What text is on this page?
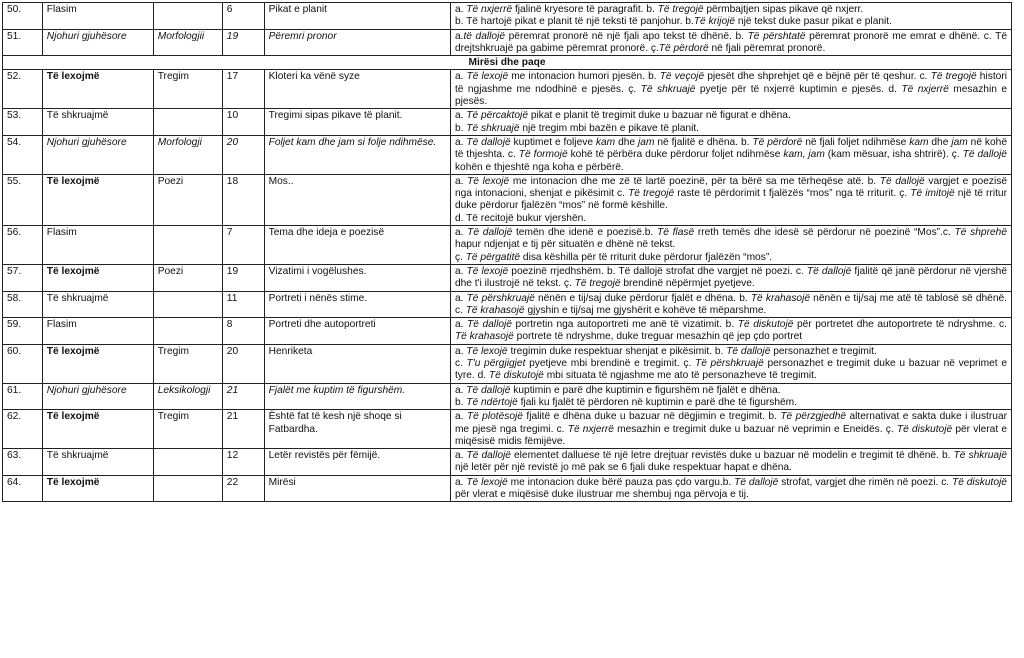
50.	Flasim		6	Pikat e planit	a. Të nxjerrë fjalinë kryesore të paragrafit. b. Të tregojë përmbajtjen sipas pikave që nxjerr.
b. Të hartojë pikat e planit të një teksti të panjohur. b.Të krijojë një tekst duke pasur pikat e planit.

51.	Njohuri gjuhësore	Morfologjii	19	Përemri pronor	a.të dallojë përemrat pronorë në një fjali apo tekst të dhënë. b. Të përshtatë përemrat pronorë me emrat e dhënë. c. Të drejtshkruajë pa gabime përemrat pronorë. ç.Të përdorë në fjali përemrat pronorë.

Mirësi dhe paqe					
52.	Të lexojmë	Tregim	17	Kloteri ka vënë syze	a. Të lexojë me intonacion humori pjesën. b. Të veçojë pjesët dhe shprehjet që e bëjnë për të qeshur. c. Të tregojë histori të ngjashme me ndodhinë e pjesës. ç. Të shkruajë pyetje për të nxjerrë kuptimin e pjesës. d. Të nxjerrë mesazhin e pjesës.

53.	Të shkruajmë		10	Tregimi sipas pikave të planit.	a. Të përcaktojë pikat e planit të tregimit duke u bazuar në figurat e dhëna.
b. Të shkruajë një tregim mbi bazën e pikave të planit.

54.	Njohuri gjuhësore	Morfologji	20	Foljet kam dhe jam si folje ndihmëse.	a. Të dallojë kuptimet e foljeve kam dhe jam në fjalitë e dhëna. b. Të përdorë në fjali foljet ndihmëse kam dhe jam në kohë të thjeshta. c. Të formojë kohë të përbëra duke përdorur foljet ndihmëse kam, jam (kam mësuar, isha shtrirë). ç. Të dallojë kohën e thjeshtë nga koha e përbërë.

55.	Të lexojmë	Poezi	18	Mos..	a. Të lexojë me intonacion dhe me zë të lartë poezinë, për ta bërë sa me tërheqëse atë. b. Të dallojë vargjet e poezisë nga intonacioni, shenjat e pikësimit c. Të tregojë raste të përdorimit t fjalëzës “mos” nga të rriturit. ç. Të imitojë një të rritur duke përdorur fjalëzën “mos” në formë këshille.
d. Të recitojë bukur vjershën.

56.	Flasim		7	Tema dhe ideja e poezisë	a. Të dallojë temën dhe idenë e poezisë.b. Të flasë rreth temës dhe idesë së përdorur në poezinë “Mos”.c. Të shprehë hapur ndjenjat e tij për situatën e dhënë në tekst.
ç. Të përgatitë disa këshilla për të rriturit duke përdorur fjalëzën “mos”.

57.	Të lexojmë	Poezi	19	Vizatimi i vogëlushes.	a. Të lexojë poezinë rrjedhshëm. b. Të dallojë strofat dhe vargjet në poezi. c. Të dallojë fjalitë që janë përdorur në vjershë dhe t'i ilustrojë në tekst. ç. Të tregojë brendinë nëpërmjet pyetjeve.

58.	Të shkruajmë		11	Portreti i nënës stime.	a. Të përshkruajë nënën e tij/saj duke përdorur fjalët e dhëna. b. Të krahasojë nënën e tij/saj me atë të tablosë së dhënë. c. Të krahasojë gjyshin e tij/saj me gjyshërit e kohëve të mëparshme.

59.	Flasim		8	Portreti dhe autoportreti	a. Të dallojë portretin nga autoportreti me anë të vizatimit. b. Të diskutojë për portretet dhe autoportrete të ndryshme. c. Të krahasojë portrete të ndryshme, duke treguar mesazhin që jep çdo portret

60.	Të lexojmë	Tregim	20	Henriketa	a. Të lexojë tregimin duke respektuar shenjat e pikësimit. b. Të dallojë personazhet e tregimit.
c. T'u përgjigjet pyetjeve mbi brendinë e tregimit. ç. Të përshkruajë personazhet e tregimit duke u bazuar në veprimet e tyre. d. Të diskutojë mbi situata të ngjashme me ato të personazheve të tregimit.

61.	Njohuri gjuhësore	Leksikologji	21	Fjalët me kuptim të figurshëm.	a. Të dallojë kuptimin e parë dhe kuptimin e figurshëm në fjalët e dhëna.
b. Të ndërtojë fjali ku fjalët të përdoren në kuptimin e parë dhe të figurshëm.

62.	Të lexojmë	Tregim	21	Është fat të kesh një shoqe si Fatbardha.	a. Të plotësojë fjalitë e dhëna duke u bazuar në dëgjimin e tregimit. b. Të përzgjedhë alternativat e sakta duke i ilustruar me pjesë nga tregimi. c. Të nxjerrë mesazhin e tregimit duke u bazuar në veprimin e Eneidës. ç. Të diskutojë për vlerat e miqësisë midis fëmijëve.

63.	Të shkruajmë		12	Letër revistës për fëmijë.	a. Të dallojë elementet dalluese të një letre drejtuar revistës duke u bazuar në modelin e tregimit të dhënë. b. Të shkruajë një letër për një revistë jo më pak se 6 fjali duke respektuar hapat e dhëna.

64.	Të lexojmë		22	Mirësi	a. Të lexojë me intonacion duke bërë pauza pas çdo vargu.b. Të dallojë strofat, vargjet dhe rimën në poezi. c. Të diskutojë për vlerat e miqësisë duke ilustruar me shembuj nga përvoja e tij.
